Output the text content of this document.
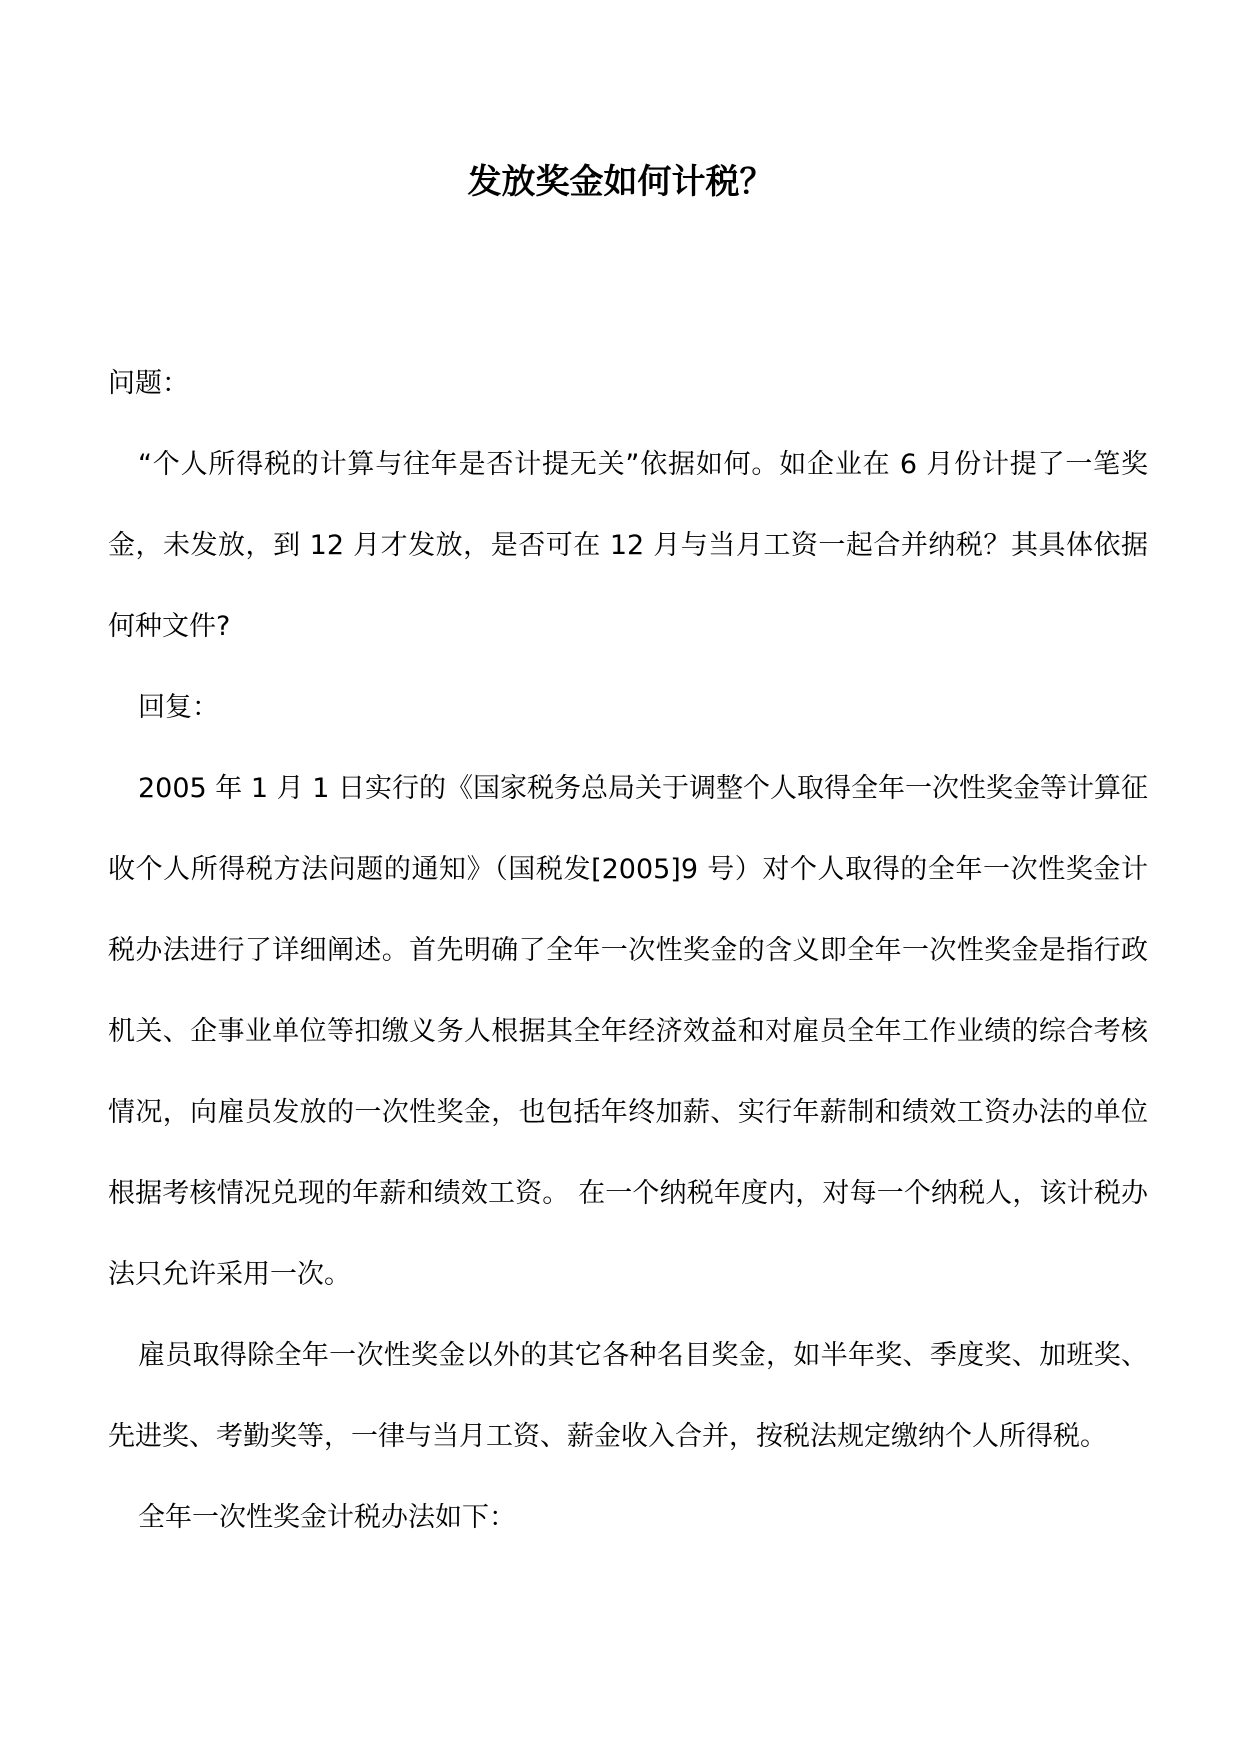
发放奖金如何计税？

问题：

“个人所得税的计算与往年是否计提无关”依据如何。如企业在 6 月份计提了一笔奖金，未发放，到 12 月才发放，是否可在 12 月与当月工资一起合并纳税？其具体依据何种文件?

回复：

2005 年 1 月 1 日实行的《国家税务总局关于调整个人取得全年一次性奖金等计算征收个人所得税方法问题的通知》（国税发[2005]9 号）对个人取得的全年一次性奖金计税办法进行了详细阐述。首先明确了全年一次性奖金的含义即全年一次性奖金是指行政机关、企事业单位等扣缴义务人根据其全年经济效益和对雇员全年工作业绩的综合考核情况，向雇员发放的一次性奖金，也包括年终加薪、实行年薪制和绩效工资办法的单位根据考核情况兑现的年薪和绩效工资。 在一个纳税年度内，对每一个纳税人，该计税办法只允许采用一次。

雇员取得除全年一次性奖金以外的其它各种名目奖金，如半年奖、季度奖、加班奖、先进奖、考勤奖等，一律与当月工资、薪金收入合并，按税法规定缴纳个人所得税。

全年一次性奖金计税办法如下：
